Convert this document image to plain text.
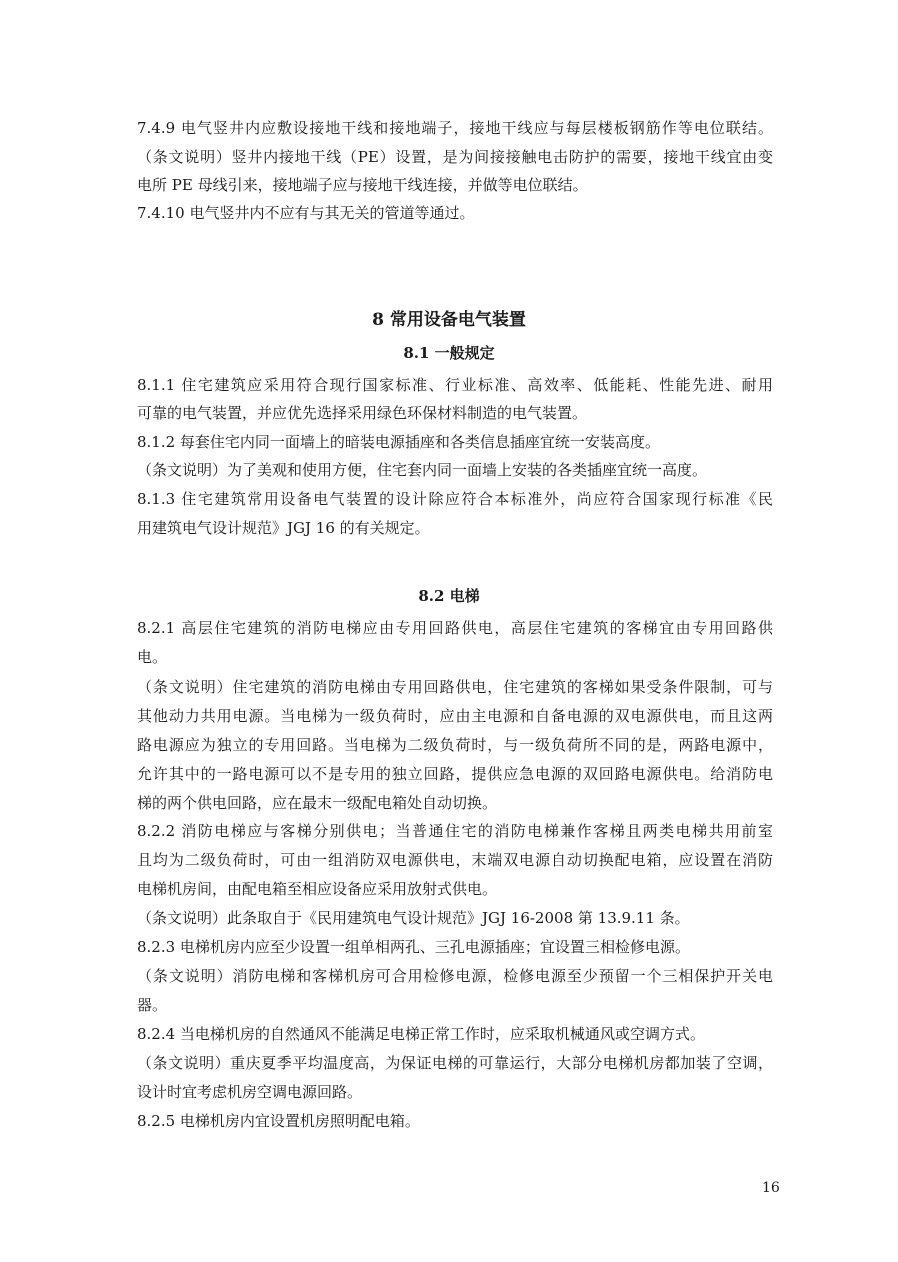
7.4.9 电气竖井内应敷设接地干线和接地端子，接地干线应与每层楼板钢筋作等电位联结。
（条文说明）竖井内接地干线（PE）设置，是为间接接触电击防护的需要，接地干线宜由变
电所 PE 母线引来，接地端子应与接地干线连接，并做等电位联结。
7.4.10 电气竖井内不应有与其无关的管道等通过。
8 常用设备电气装置
8.1 一般规定
8.1.1 住宅建筑应采用符合现行国家标准、行业标准、高效率、低能耗、性能先进、耐用
可靠的电气装置，并应优先选择采用绿色环保材料制造的电气装置。
8.1.2 每套住宅内同一面墙上的暗装电源插座和各类信息插座宜统一安装高度。
（条文说明）为了美观和使用方便，住宅套内同一面墙上安装的各类插座宜统一高度。
8.1.3 住宅建筑常用设备电气装置的设计除应符合本标准外，尚应符合国家现行标准《民
用建筑电气设计规范》JGJ 16 的有关规定。
8.2 电梯
8.2.1 高层住宅建筑的消防电梯应由专用回路供电，高层住宅建筑的客梯宜由专用回路供
电。
（条文说明）住宅建筑的消防电梯由专用回路供电，住宅建筑的客梯如果受条件限制，可与
其他动力共用电源。当电梯为一级负荷时，应由主电源和自备电源的双电源供电，而且这两
路电源应为独立的专用回路。当电梯为二级负荷时，与一级负荷所不同的是，两路电源中，
允许其中的一路电源可以不是专用的独立回路，提供应急电源的双回路电源供电。给消防电
梯的两个供电回路，应在最末一级配电箱处自动切换。
8.2.2 消防电梯应与客梯分别供电；当普通住宅的消防电梯兼作客梯且两类电梯共用前室
且均为二级负荷时，可由一组消防双电源供电，末端双电源自动切换配电箱，应设置在消防
电梯机房间，由配电箱至相应设备应采用放射式供电。
（条文说明）此条取自于《民用建筑电气设计规范》JGJ 16-2008 第 13.9.11 条。
8.2.3 电梯机房内应至少设置一组单相两孔、三孔电源插座；宜设置三相检修电源。
（条文说明）消防电梯和客梯机房可合用检修电源，检修电源至少预留一个三相保护开关电
器。
8.2.4 当电梯机房的自然通风不能满足电梯正常工作时，应采取机械通风或空调方式。
（条文说明）重庆夏季平均温度高，为保证电梯的可靠运行，大部分电梯机房都加装了空调，
设计时宜考虑机房空调电源回路。
8.2.5 电梯机房内宜设置机房照明配电箱。
16
